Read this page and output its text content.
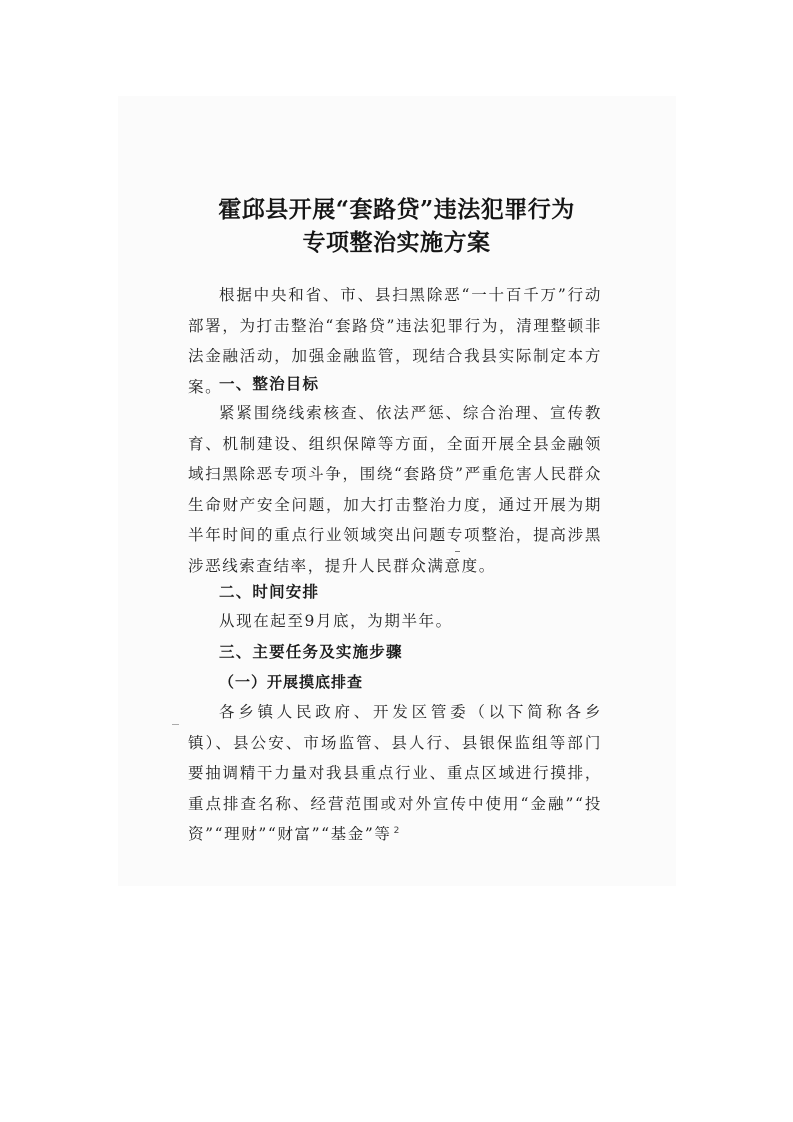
霍邱县开展“套路贷”违法犯罪行为
专项整治实施方案

根据中央和省、市、县扫黑除恶“一十百千万”行动部署，为打击整治“套路贷”违法犯罪行为，清理整顿非法金融活动，加强金融监管，现结合我县实际制定本方案。

一、整治目标

紧紧围绕线索核查、依法严惩、综合治理、宣传教育、机制建设、组织保障等方面，全面开展全县金融领域扫黑除恶专项斗争，围绕“套路贷”严重危害人民群众生命财产安全问题，加大打击整治力度，通过开展为期半年时间的重点行业领域突出问题专项整治，提高涉黑涉恶线索查结率，提升人民群众满意度。

二、时间安排

从现在起至9月底，为期半年。

三、主要任务及实施步骤
（一）开展摸底排查

各乡镇人民政府、开发区管委（以下简称各乡镇）、县公安、市场监管、县人行、县银保监组等部门要抽调精干力量对我县重点行业、重点区域进行摸排，重点排查名称、经营范围或对外宣传中使用“金融”“投资”“理财”“财富”“基金”等 2
